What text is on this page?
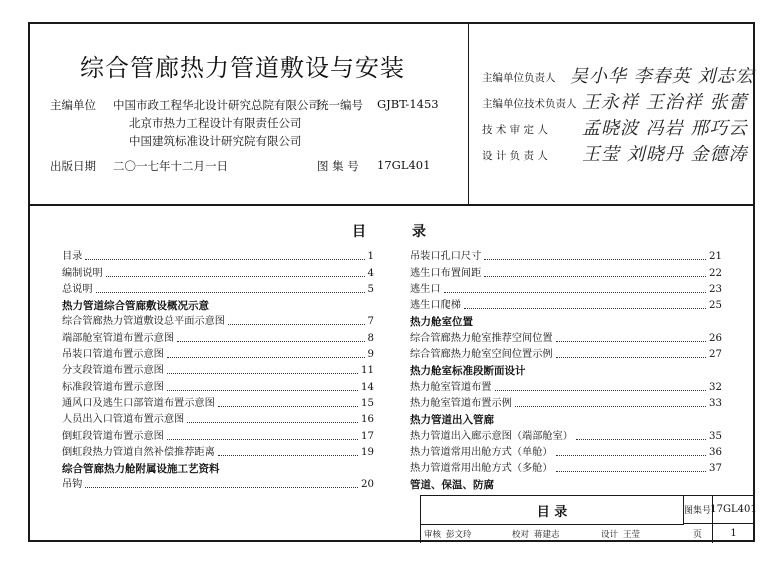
综合管廊热力管道敷设与安装
主编单位 中国市政工程华北设计研究总院有限公司
北京市热力工程设计有限责任公司
中国建筑标准设计研究院有限公司
统一编号 GJBT-1453
出版日期 二〇一七年十二月一日	图 集 号 17GL401
主编单位负责人 吴小华 李春英 刘志宏
主编单位技术负责人 王永祥 王治祥 张蕾
技 术 审 定 人 孟晓波 冯岩 邢巧云
设 计 负 责 人 王莹 刘晓丹 金德涛
目	录
目录	1
编制说明	4
总说明	5
热力管道综合管廊敷设概况示意
综合管廊热力管道敷设总平面示意图	7
端部舱室管道布置示意图	8
吊装口管道布置示意图	9
分支段管道布置示意图	11
标准段管道布置示意图	14
通风口及逃生口部管道布置示意图	15
人员出入口管道布置示意图	16
倒虹段管道布置示意图	17
倒虹段热力管道自然补偿推荐距离	19
综合管廊热力舱附属设施工艺资料
吊钩	20
吊装口孔口尺寸	21
逃生口布置间距	22
逃生口	23
逃生口爬梯	25
热力舱室位置
综合管廊热力舱室推荐空间位置	26
综合管廊热力舱室空间位置示例	27
热力舱室标准段断面设计
热力舱室管道布置	32
热力舱室管道布置示例	33
热力管道出入管廊
热力管道出入廊示意图（端部舱室）	35
热力管道常用出舱方式（单舱）	36
热力管道常用出舱方式（多舱）	37
管道、保温、防腐
目 录	图集号 17GL401
页	1
审核 彭文玲	校对 蒋建志	设计 王莹
